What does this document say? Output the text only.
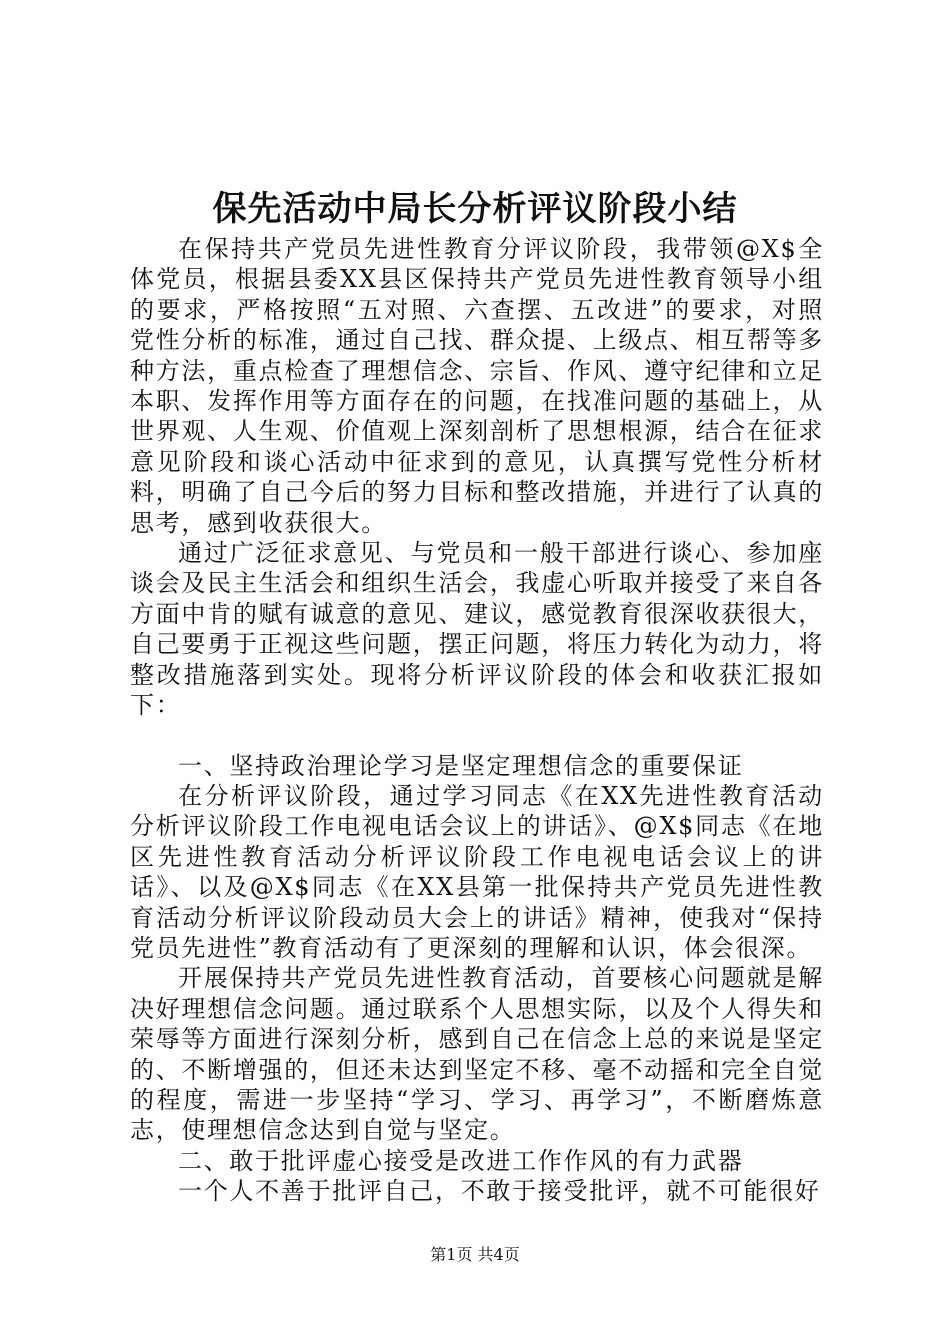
保先活动中局长分析评议阶段小结

在保持共产党员先进性教育分评议阶段，我带领@X$全体党员，根据县委XX县区保持共产党员先进性教育领导小组的要求，严格按照“五对照、六查摆、五改进”的要求，对照党性分析的标准，通过自己找、群众提、上级点、相互帮等多种方法，重点检查了理想信念、宗旨、作风、遵守纪律和立足本职、发挥作用等方面存在的问题，在找准问题的基础上，从世界观、人生观、价值观上深刻剖析了思想根源，结合在征求意见阶段和谈心活动中征求到的意见，认真撰写党性分析材料，明确了自己今后的努力目标和整改措施，并进行了认真的思考，感到收获很大。

通过广泛征求意见、与党员和一般干部进行谈心、参加座谈会及民主生活会和组织生活会，我虚心听取并接受了来自各方面中肯的赋有诚意的意见、建议，感觉教育很深收获很大，自己要勇于正视这些问题，摆正问题，将压力转化为动力，将整改措施落到实处。现将分析评议阶段的体会和收获汇报如下：

一、坚持政治理论学习是坚定理想信念的重要保证

在分析评议阶段，通过学习同志《在XX先进性教育活动分析评议阶段工作电视电话会议上的讲话》、@X$同志《在地区先进性教育活动分析评议阶段工作电视电话会议上的讲话》、以及@X$同志《在XX县第一批保持共产党员先进性教育活动分析评议阶段动员大会上的讲话》精神，使我对“保持党员先进性”教育活动有了更深刻的理解和认识，体会很深。

开展保持共产党员先进性教育活动，首要核心问题就是解决好理想信念问题。通过联系个人思想实际，以及个人得失和荣辱等方面进行深刻分析，感到自己在信念上总的来说是坚定的、不断增强的，但还未达到坚定不移、毫不动摇和完全自觉的程度，需进一步坚持“学习、学习、再学习”，不断磨炼意志，使理想信念达到自觉与坚定。

二、敢于批评虚心接受是改进工作作风的有力武器

一个人不善于批评自己，不敢于接受批评，就不可能很好

第1页 共4页
